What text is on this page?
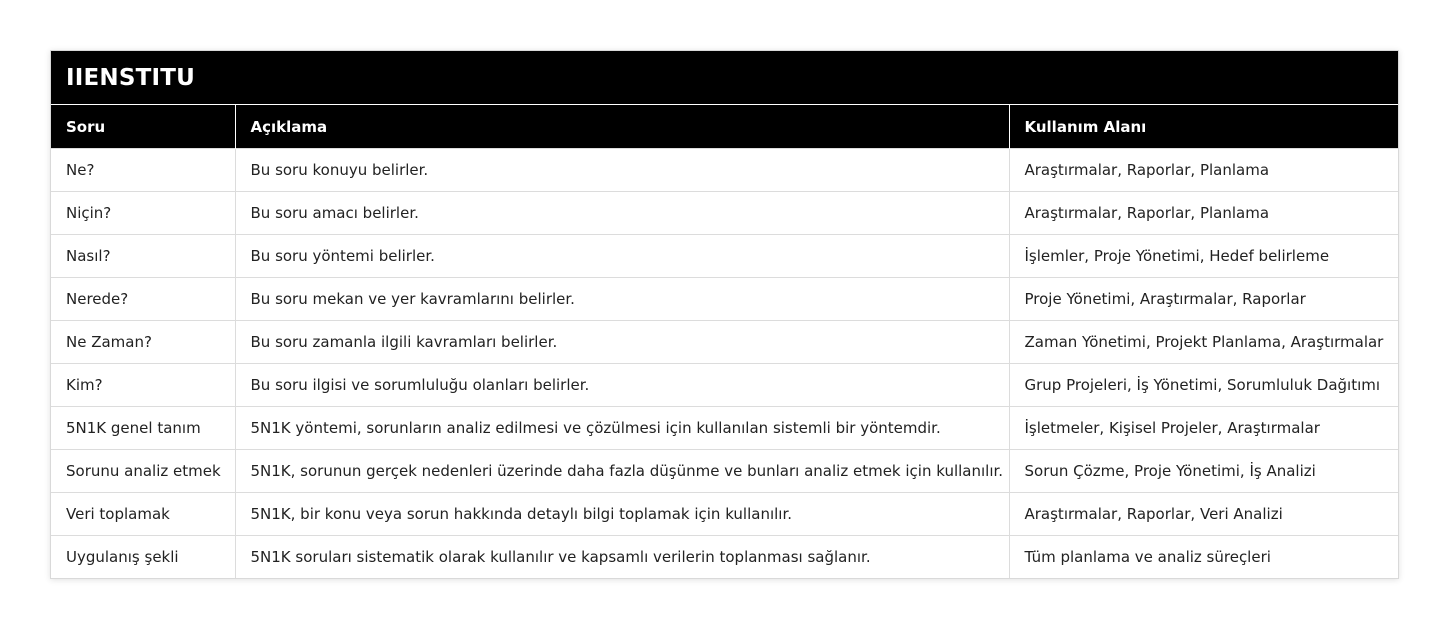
IIENSTITU		
Soru	Açıklama	Kullanım Alanı
Ne?	Bu soru konuyu belirler.	Araştırmalar, Raporlar, Planlama
Niçin?	Bu soru amacı belirler.	Araştırmalar, Raporlar, Planlama
Nasıl?	Bu soru yöntemi belirler.	İşlemler, Proje Yönetimi, Hedef belirleme
Nerede?	Bu soru mekan ve yer kavramlarını belirler.	Proje Yönetimi, Araştırmalar, Raporlar
Ne Zaman?	Bu soru zamanla ilgili kavramları belirler.	Zaman Yönetimi, Projekt Planlama, Araştırmalar
Kim?	Bu soru ilgisi ve sorumluluğu olanları belirler.	Grup Projeleri, İş Yönetimi, Sorumluluk Dağıtımı
5N1K genel tanım	5N1K yöntemi, sorunların analiz edilmesi ve çözülmesi için kullanılan sistemli bir yöntemdir.	İşletmeler, Kişisel Projeler, Araştırmalar
Sorunu analiz etmek	5N1K, sorunun gerçek nedenleri üzerinde daha fazla düşünme ve bunları analiz etmek için kullanılır.	Sorun Çözme, Proje Yönetimi, İş Analizi
Veri toplamak	5N1K, bir konu veya sorun hakkında detaylı bilgi toplamak için kullanılır.	Araştırmalar, Raporlar, Veri Analizi
Uygulanış şekli	5N1K soruları sistematik olarak kullanılır ve kapsamlı verilerin toplanması sağlanır.	Tüm planlama ve analiz süreçleri
